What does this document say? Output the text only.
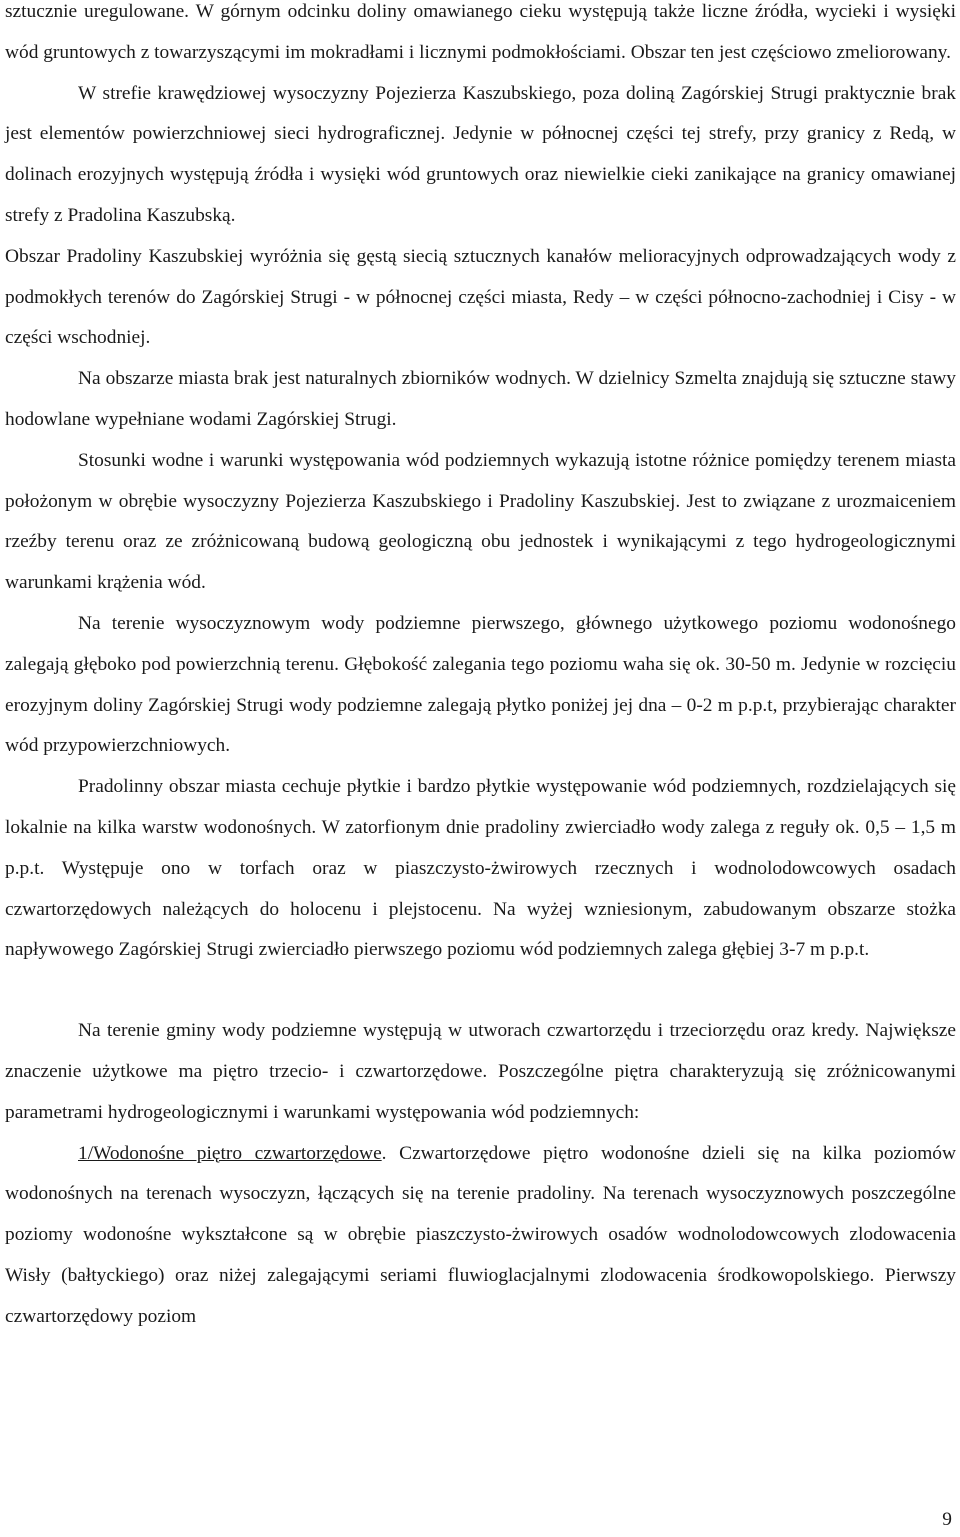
sztucznie uregulowane. W górnym odcinku doliny omawianego cieku występują także liczne źródła, wycieki i wysięki wód gruntowych z towarzyszącymi im mokradłami i licznymi podmokłościami. Obszar ten jest częściowo zmeliorowany.

W strefie krawędziowej wysoczyzny Pojezierza Kaszubskiego, poza doliną Zagórskiej Strugi praktycznie brak jest elementów powierzchniowej sieci hydrograficznej. Jedynie w północnej części tej strefy, przy granicy z Redą, w dolinach erozyjnych występują źródła i wysięki wód gruntowych oraz niewielkie cieki zanikające na granicy omawianej strefy z Pradolina Kaszubską.

Obszar Pradoliny Kaszubskiej wyróżnia się gęstą siecią sztucznych kanałów melioracyjnych odprowadzających wody z podmokłych terenów do Zagórskiej Strugi - w północnej części miasta, Redy – w części północno-zachodniej i Cisy - w części wschodniej.

Na obszarze miasta brak jest naturalnych zbiorników wodnych. W dzielnicy Szmelta znajdują się sztuczne stawy hodowlane wypełniane wodami Zagórskiej Strugi.

Stosunki wodne i warunki występowania wód podziemnych wykazują istotne różnice pomiędzy terenem miasta położonym w obrębie wysoczyzny Pojezierza Kaszubskiego i Pradoliny Kaszubskiej. Jest to związane z urozmaiceniem rzeźby terenu oraz ze zróżnicowaną budową geologiczną obu jednostek i wynikającymi z tego hydrogeologicznymi warunkami krążenia wód.

Na terenie wysoczyznowym wody podziemne pierwszego, głównego użytkowego poziomu wodonośnego zalegają głęboko pod powierzchnią terenu. Głębokość zalegania tego poziomu waha się ok. 30-50 m. Jedynie w rozcięciu erozyjnym doliny Zagórskiej Strugi wody podziemne zalegają płytko poniżej jej dna – 0-2 m p.p.t, przybierając charakter wód przypowierzchniowych.

Pradolinny obszar miasta cechuje płytkie i bardzo płytkie występowanie wód podziemnych, rozdzielających się lokalnie na kilka warstw wodonośnych. W zatorfionym dnie pradoliny zwierciadło wody zalega z reguły ok. 0,5 – 1,5 m p.p.t. Występuje ono w torfach oraz w piaszczysto-żwirowych rzecznych i wodnolodowcowych osadach czwartorzędowych należących do holocenu i plejstocenu. Na wyżej wzniesionym, zabudowanym obszarze stożka napływowego Zagórskiej Strugi zwierciadło pierwszego poziomu wód podziemnych zalega głębiej 3-7 m p.p.t.

Na terenie gminy wody podziemne występują w utworach czwartorzędu i trzeciorzędu oraz kredy. Największe znaczenie użytkowe ma piętro trzecio- i czwartorzędowe. Poszczególne piętra charakteryzują się zróżnicowanymi parametrami hydrogeologicznymi i warunkami występowania wód podziemnych:

1/Wodonośne piętro czwartorzędowe. Czwartorzędowe piętro wodonośne dzieli się na kilka poziomów wodonośnych na terenach wysoczyzn, łączących się na terenie pradoliny. Na terenach wysoczyznowych poszczególne poziomy wodonośne wykształcone są w obrębie piaszczysto-żwirowych osadów wodnolodowcowych zlodowacenia Wisły (bałtyckiego) oraz niżej zalegającymi seriami fluwioglacjalnymi zlodowacenia środkowopolskiego. Pierwszy czwartorzędowy poziom

9
